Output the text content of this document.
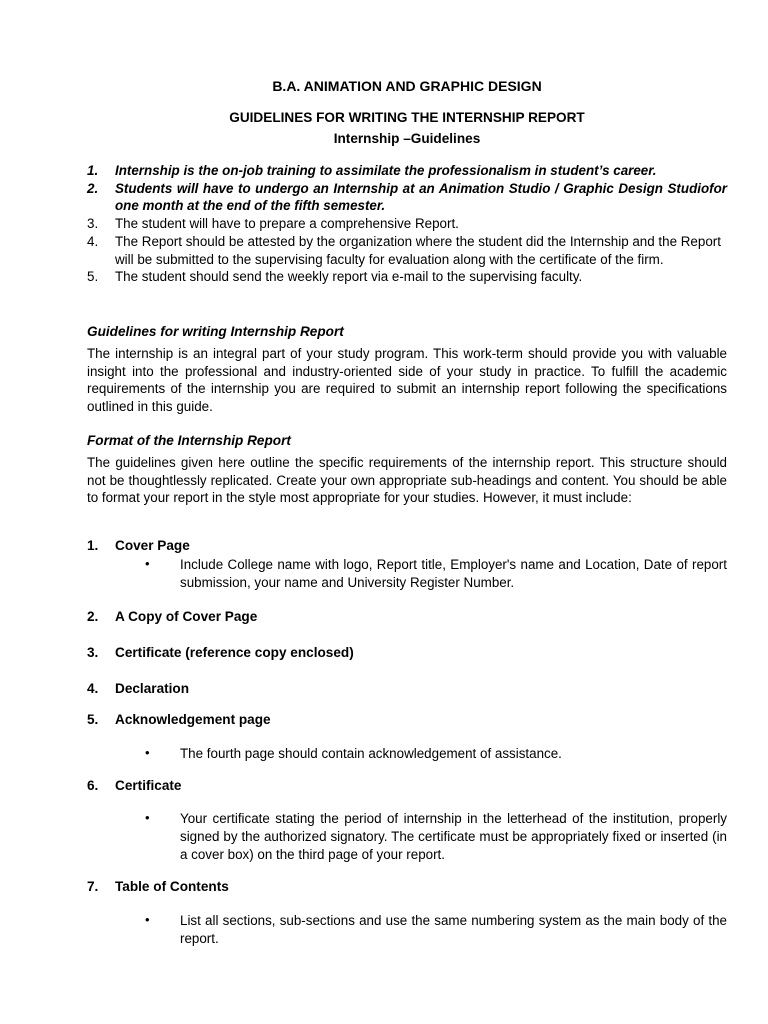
B.A. ANIMATION AND GRAPHIC DESIGN
GUIDELINES FOR WRITING THE INTERNSHIP REPORT
Internship –Guidelines
1. Internship is the on-job training to assimilate the professionalism in student’s career.
2. Students will have to undergo an Internship at an Animation Studio / Graphic Design Studiofor one month at the end of the fifth semester.
3. The student will have to prepare a comprehensive Report.
4. The Report should be attested by the organization where the student did the Internship and the Report will be submitted to the supervising faculty for evaluation along with the certificate of the firm.
5. The student should send the weekly report via e-mail to the supervising faculty.
Guidelines for writing Internship Report
The internship is an integral part of your study program. This work-term should provide you with valuable insight into the professional and industry-oriented side of your study in practice. To fulfill the academic requirements of the internship you are required to submit an internship report following the specifications outlined in this guide.
Format of the Internship Report
The guidelines given here outline the specific requirements of the internship report. This structure should not be thoughtlessly replicated. Create your own appropriate sub-headings and content. You should be able to format your report in the style most appropriate for your studies. However, it must include:
1. Cover Page
• Include College name with logo, Report title, Employer's name and Location, Date of report submission, your name and University Register Number.
2. A Copy of Cover Page
3. Certificate (reference copy enclosed)
4. Declaration
5. Acknowledgement page
• The fourth page should contain acknowledgement of assistance.
6. Certificate
• Your certificate stating the period of internship in the letterhead of the institution, properly signed by the authorized signatory. The certificate must be appropriately fixed or inserted (in a cover box) on the third page of your report.
7. Table of Contents
• List all sections, sub-sections and use the same numbering system as the main body of the report.
